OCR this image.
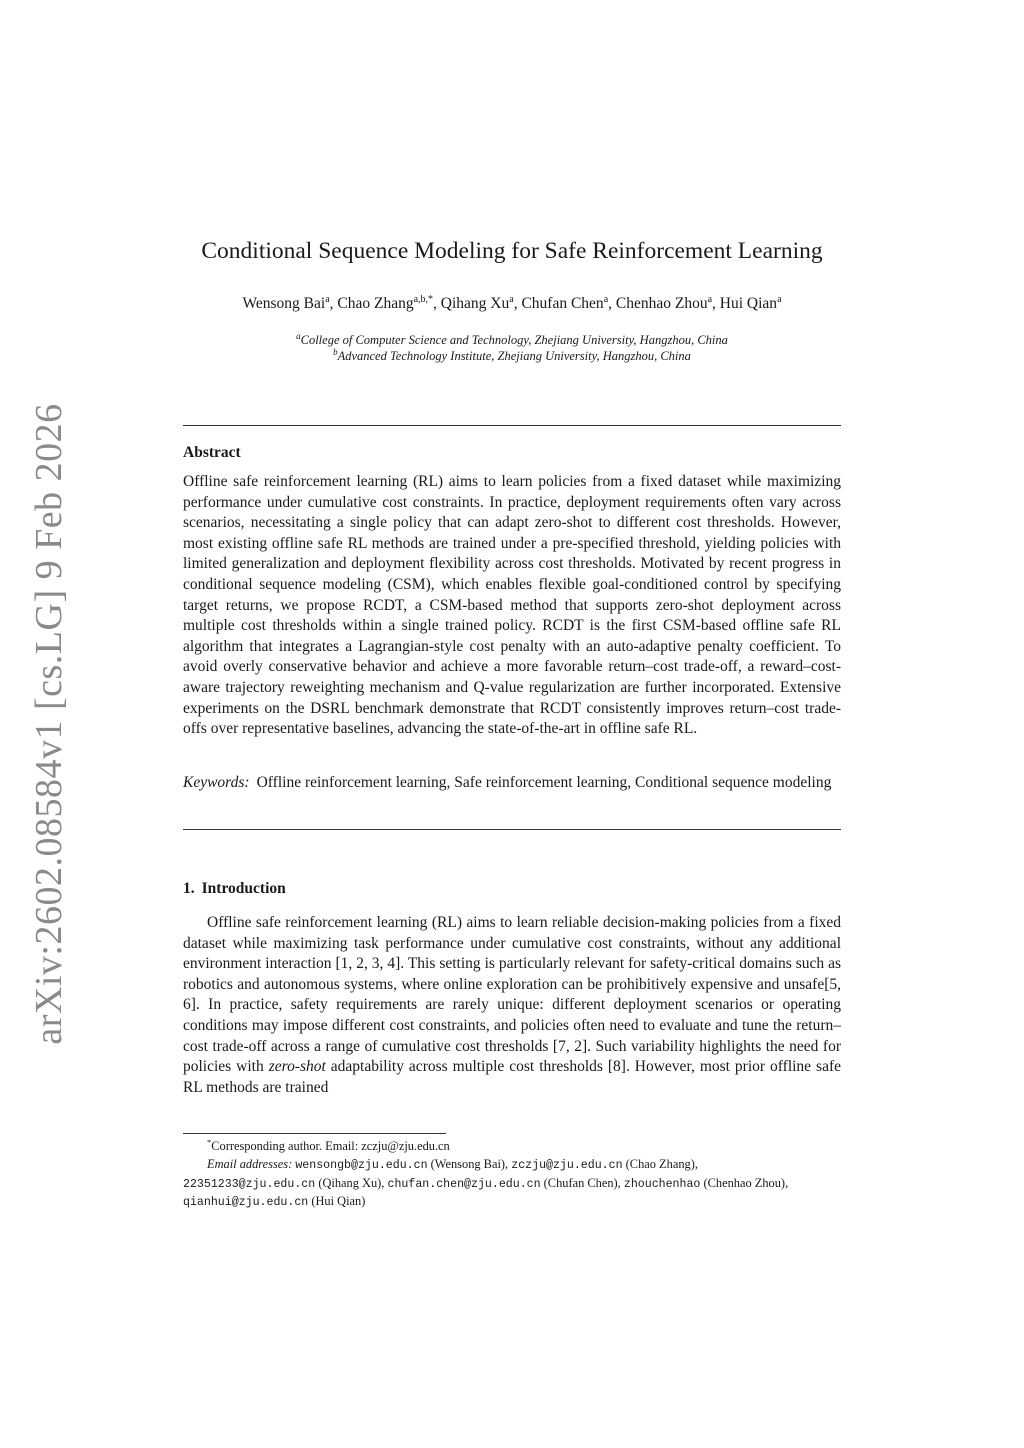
arXiv:2602.08584v1 [cs.LG] 9 Feb 2026
Conditional Sequence Modeling for Safe Reinforcement Learning
Wensong Bai$^a$, Chao Zhang$^{a,b,*}$, Qihang Xu$^a$, Chufan Chen$^a$, Chenhao Zhou$^a$, Hui Qian$^a$
$^a$College of Computer Science and Technology, Zhejiang University, Hangzhou, China
$^b$Advanced Technology Institute, Zhejiang University, Hangzhou, China
Abstract

Offline safe reinforcement learning (RL) aims to learn policies from a fixed dataset while maximizing performance under cumulative cost constraints. In practice, deployment requirements often vary across scenarios, necessitating a single policy that can adapt zero-shot to different cost thresholds. However, most existing offline safe RL methods are trained under a pre-specified threshold, yielding policies with limited generalization and deployment flexibility across cost thresholds. Motivated by recent progress in conditional sequence modeling (CSM), which enables flexible goal-conditioned control by specifying target returns, we propose RCDT, a CSM-based method that supports zero-shot deployment across multiple cost thresholds within a single trained policy. RCDT is the first CSM-based offline safe RL algorithm that integrates a Lagrangian-style cost penalty with an auto-adaptive penalty coefficient. To avoid overly conservative behavior and achieve a more favorable return–cost trade-off, a reward–cost-aware trajectory reweighting mechanism and Q-value regularization are further incorporated. Extensive experiments on the DSRL benchmark demonstrate that RCDT consistently improves return–cost trade-offs over representative baselines, advancing the state-of-the-art in offline safe RL.

Keywords: Offline reinforcement learning, Safe reinforcement learning, Conditional sequence modeling

1. Introduction

Offline safe reinforcement learning (RL) aims to learn reliable decision-making policies from a fixed dataset while maximizing task performance under cumulative cost constraints, without any additional environment interaction [1, 2, 3, 4]. This setting is particularly relevant for safety-critical domains such as robotics and autonomous systems, where online exploration can be prohibitively expensive and unsafe[5, 6]. In practice, safety requirements are rarely unique: different deployment scenarios or operating conditions may impose different cost constraints, and policies often need to evaluate and tune the return–cost trade-off across a range of cumulative cost thresholds [7, 2]. Such variability highlights the need for policies with zero-shot adaptability across multiple cost thresholds [8]. However, most prior offline safe RL methods are trained

*Corresponding author. Email: zczju@zju.edu.cn
Email addresses: wensongb@zju.edu.cn (Wensong Bai), zczju@zju.edu.cn (Chao Zhang),
22351233@zju.edu.cn (Qihang Xu), chufan.chen@zju.edu.cn (Chufan Chen), zhouchenhao (Chenhao Zhou),
qianhui@zju.edu.cn (Hui Qian)
